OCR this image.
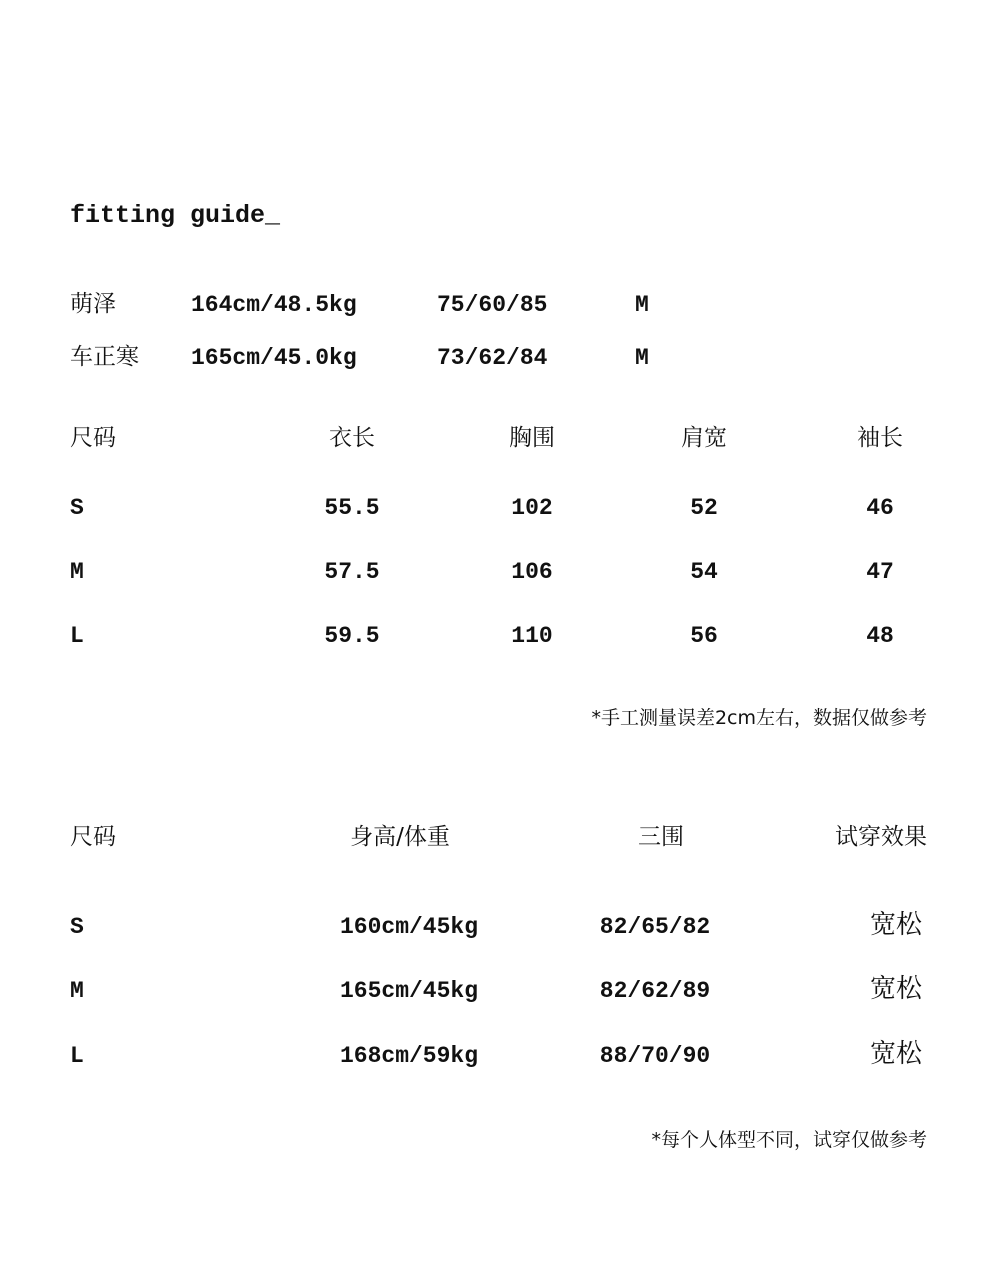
fitting guide_
萌泽	164cm/48.5kg	75/60/85	M
车正寒 165cm/45.0kg	73/62/84	M
尺码	衣长	胸围	肩宽	袖长
S	55.5	102	52	46
M	57.5	106	54	47
L	59.5	110	56	48
*手工测量误差2cm左右，数据仅做参考
尺码	身高/体重	三围	试穿效果
S	160cm/45kg	82/65/82	宽松
M	165cm/45kg	82/62/89	宽松
L	168cm/59kg	88/70/90	宽松
*每个人体型不同，试穿仅做参考
